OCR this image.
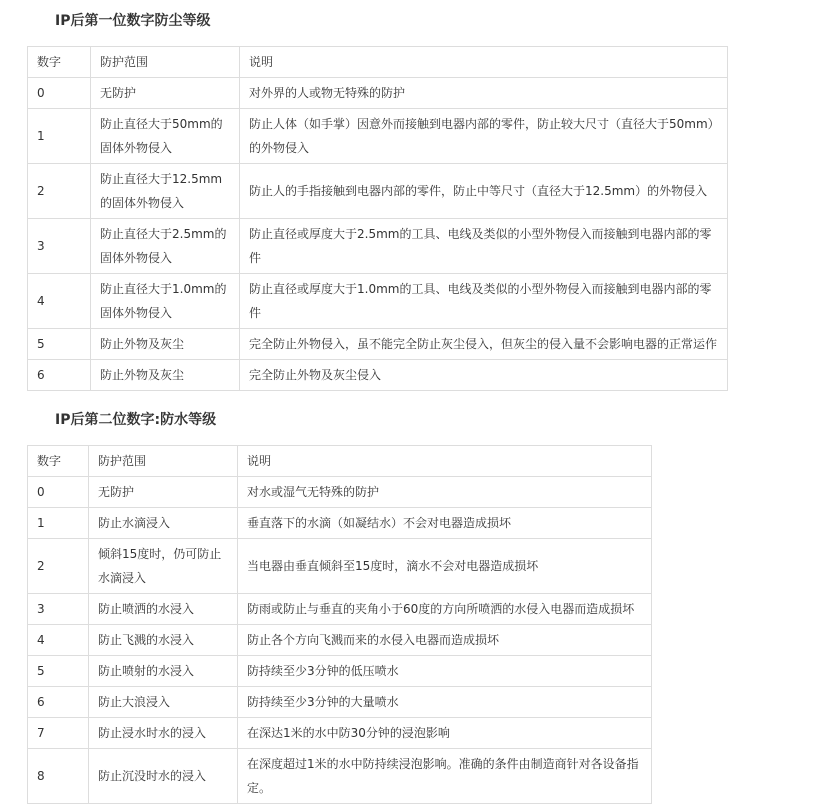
IP后第一位数字防尘等级
数字	防护范围	说明
0	无防护	对外界的人或物无特殊的防护
1	防止直径大于50mm的固体外物侵入	防止人体（如手掌）因意外而接触到电器内部的零件，防止较大尺寸（直径大于50mm）的外物侵入
2	防止直径大于12.5mm的固体外物侵入	防止人的手指接触到电器内部的零件，防止中等尺寸（直径大于12.5mm）的外物侵入
3	防止直径大于2.5mm的固体外物侵入	防止直径或厚度大于2.5mm的工具、电线及类似的小型外物侵入而接触到电器内部的零件
4	防止直径大于1.0mm的固体外物侵入	防止直径或厚度大于1.0mm的工具、电线及类似的小型外物侵入而接触到电器内部的零件
5	防止外物及灰尘	完全防止外物侵入，虽不能完全防止灰尘侵入，但灰尘的侵入量不会影响电器的正常运作
6	防止外物及灰尘	完全防止外物及灰尘侵入
IP后第二位数字:防水等级
数字	防护范围	说明
0	无防护	对水或湿气无特殊的防护
1	防止水滴浸入	垂直落下的水滴（如凝结水）不会对电器造成损坏
2	倾斜15度时，仍可防止水滴浸入	当电器由垂直倾斜至15度时，滴水不会对电器造成损坏
3	防止喷洒的水浸入	防雨或防止与垂直的夹角小于60度的方向所喷洒的水侵入电器而造成损坏
4	防止飞溅的水浸入	防止各个方向飞溅而来的水侵入电器而造成损坏
5	防止喷射的水浸入	防持续至少3分钟的低压喷水
6	防止大浪浸入	防持续至少3分钟的大量喷水
7	防止浸水时水的浸入	在深达1米的水中防30分钟的浸泡影响
8	防止沉没时水的浸入	在深度超过1米的水中防持续浸泡影响。准确的条件由制造商针对各设备指定。
